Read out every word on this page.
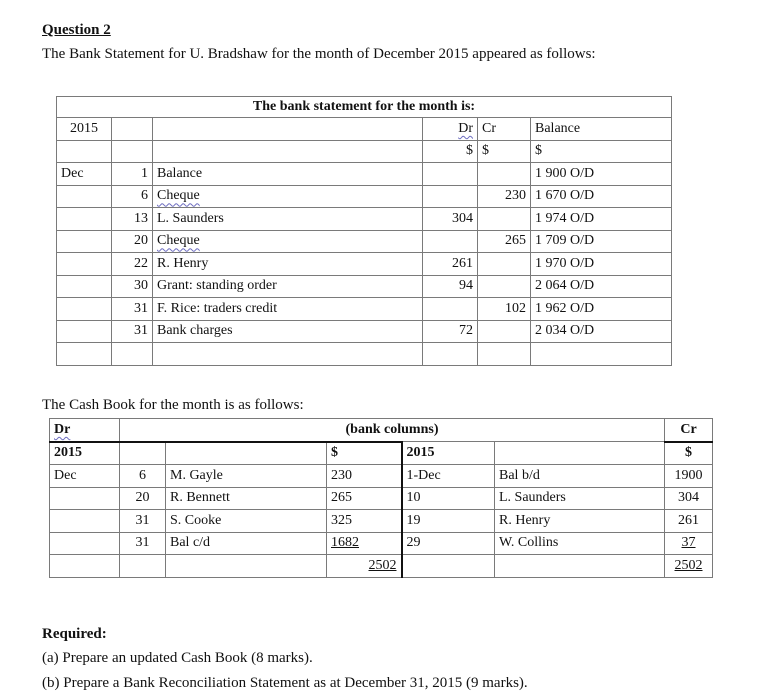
Question 2
The Bank Statement for U. Bradshaw for the month of December 2015 appeared as follows:
The bank statement for the month is:					
2015			Dr	Cr	Balance
			$	$	$
Dec	1	Balance			1 900 O/D
	6	Cheque		230	1 670 O/D
	13	L. Saunders	304		1 974 O/D
	20	Cheque		265	1 709 O/D
	22	R. Henry	261		1 970 O/D
	30	Grant: standing order	94		2 064 O/D
	31	F. Rice: traders credit		102	1 962 O/D
	31	Bank charges	72		2 034 O/D

The Cash Book for the month is as follows:
Dr	(bank columns)					Cr
2015			$	2015		$
Dec	6	M. Gayle	230	1-Dec	Bal b/d	1900
	20	R. Bennett	265	10	L. Saunders	304
	31	S. Cooke	325	19	R. Henry	261
	31	Bal c/d	1682	29	W. Collins	37
			2502			2502
Required:
(a) Prepare an updated Cash Book (8 marks).
(b) Prepare a Bank Reconciliation Statement as at December 31, 2015 (9 marks).
